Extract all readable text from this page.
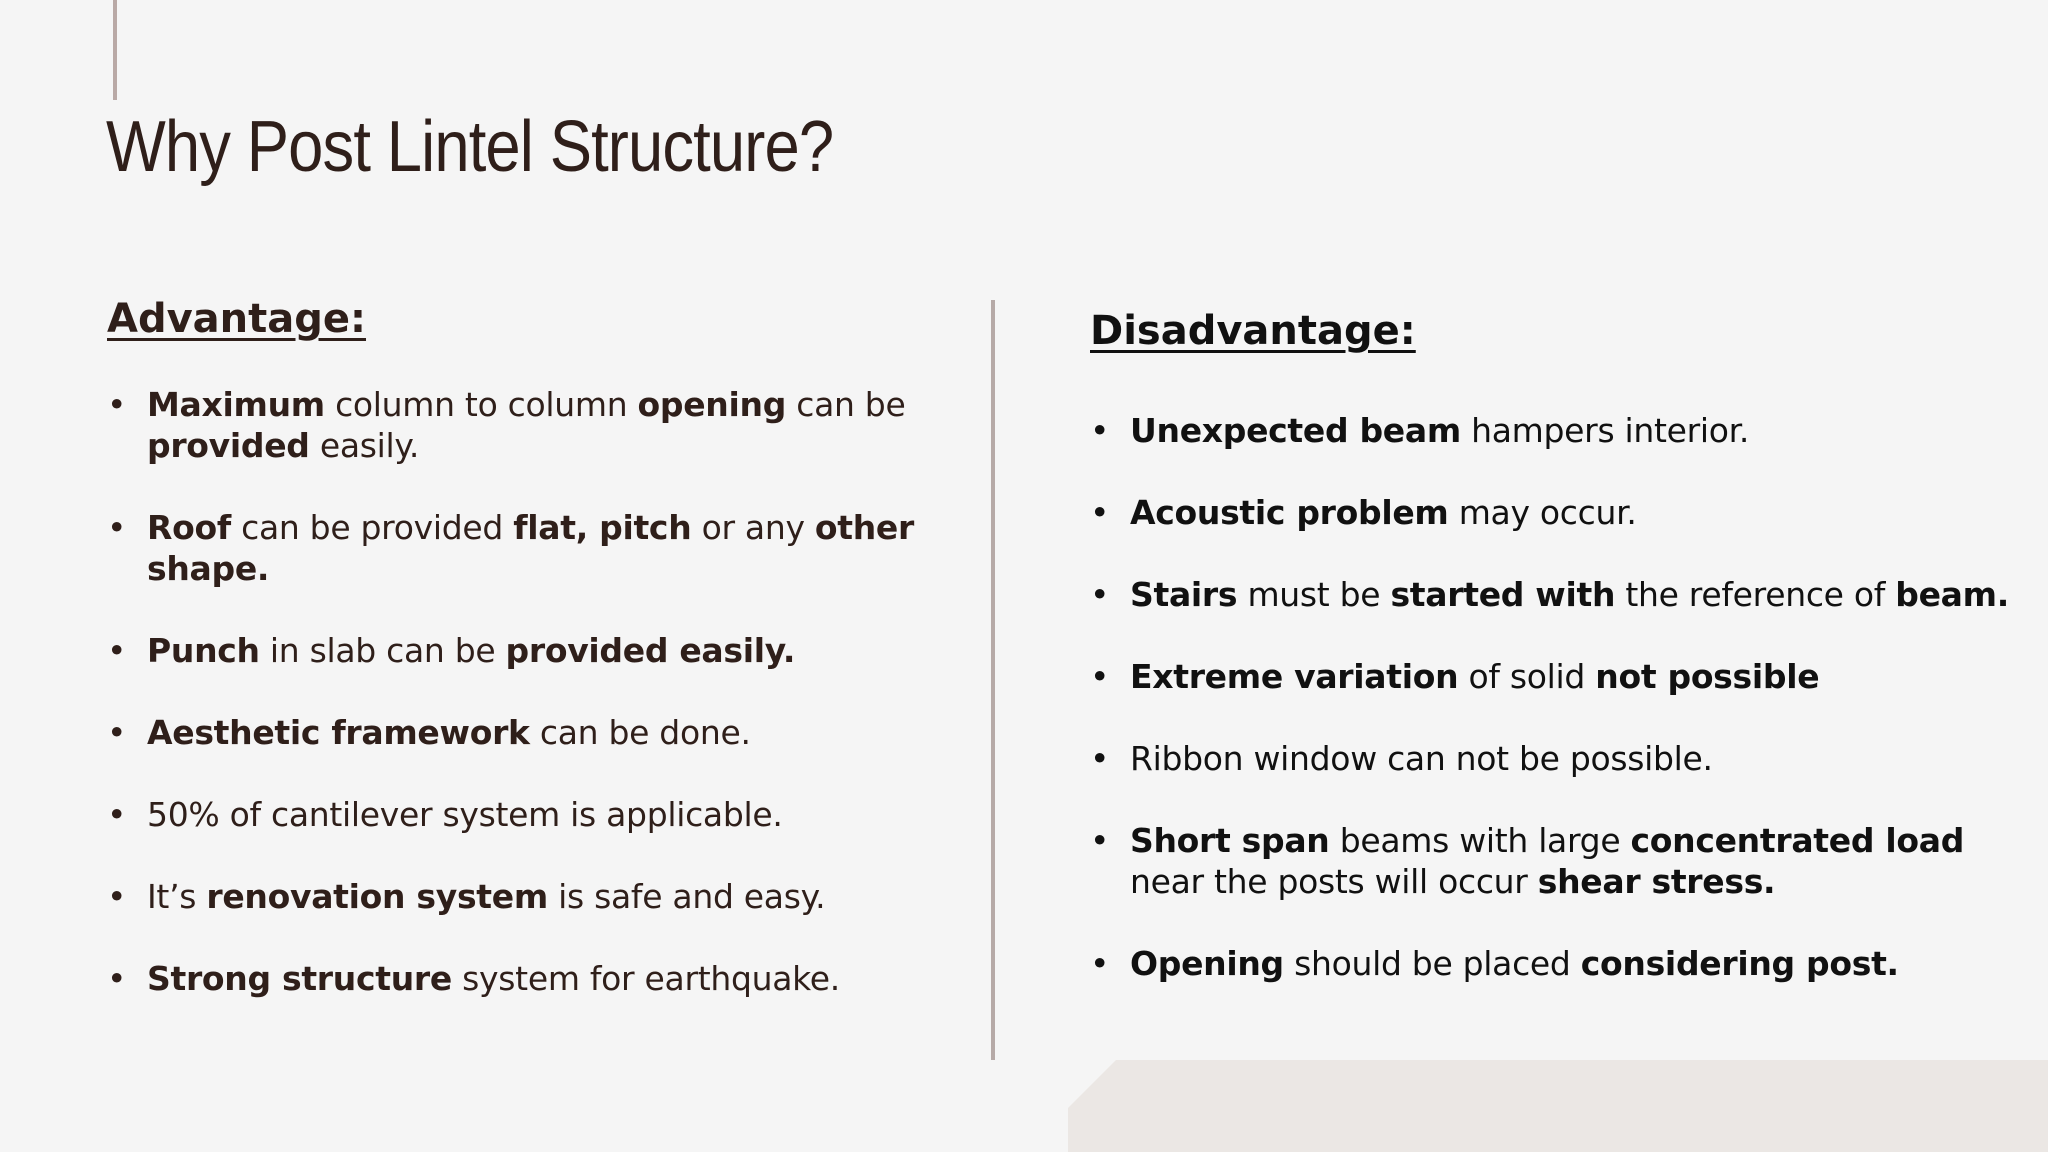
Why Post Lintel Structure?
Advantage:
• Maximum column to column opening can be provided easily.
• Roof can be provided flat, pitch or any other shape.
• Punch in slab can be provided easily.
• Aesthetic framework can be done.
• 50% of cantilever system is applicable.
• It’s renovation system is safe and easy.
• Strong structure system for earthquake.
Disadvantage:
• Unexpected beam hampers interior.
• Acoustic problem may occur.
• Stairs must be started with the reference of beam.
• Extreme variation of solid not possible
• Ribbon window can not be possible.
• Short span beams with large concentrated load near the posts will occur shear stress.
• Opening should be placed considering post.
